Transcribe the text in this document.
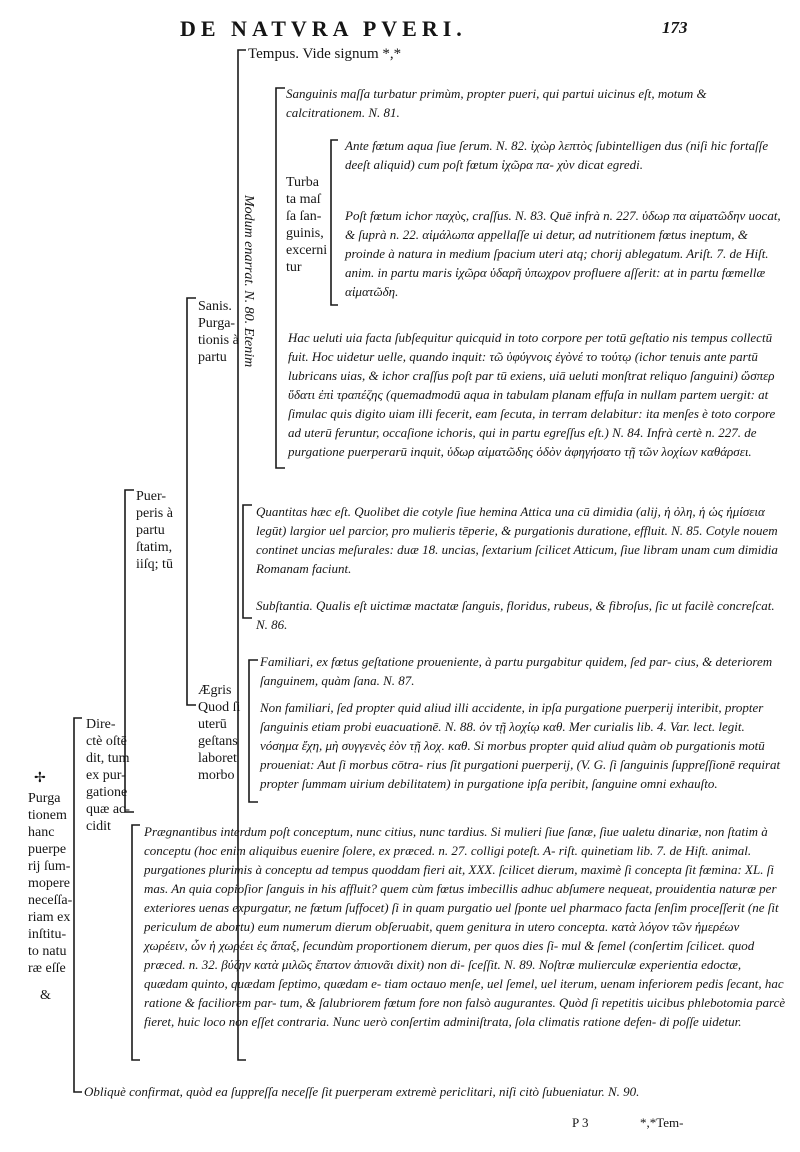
DE NATVRA PVERI.	173
Tempus. Vide signum *,*
Sanguinis maſſa turbatur primùm, propter pueri, qui partui uicinus eſt, motum & calcitrationem. N. 81.
Turba ta maſ ſa ſan- guinis, excerni tur
Ante fœtum aqua ſiue ſerum. N. 82. ἰχὼρ λεπτὸς ſubintelligen dus (niſi hic fortaſſe deeſt aliquid) cum poſt fœtum ἰχῶρα πα- χὺν dicat egredi.
Poſt fœtum ichor παχὺς, craſſus. N. 83. Quē infrà n. 227. ὑδωρ πα αἱματῶδην uocat, & ſuprà n. 22. αἱμάλωπα appellaſſe ui detur, ad nutritionem fœtus ineptum, & proinde à natura in medium ſpacium uteri atq; chorij ablegatum. Ariſt. 7. de Hiſt. anim. in partu maris ἰχῶρα ὑδαρῆ ὑπωχρον profluere aſſerit: at in partu fœmellæ αἱματῶδη.
Modum enarrat. N. 80. Etenim
Sanis. Purga- tionis à partu
Hac ueluti uia facta ſubſequitur quicquid in toto corpore per totū geſtatio nis tempus collectū fuit. Hoc uidetur uelle, quando inquit: τῶ ὑφύγνοις ἐγὸνέ το τούτῳ (ichor tenuis ante partū lubricans uias, & ichor craſſus poſt par tū exiens, uiā ueluti monſtrat reliquo ſanguini) ὥσπερ ὕδατι ἐπὶ τραπέζης (quemadmodū aqua in tabulam planam effuſa in nullam partem uergit: at ſimulac quis digito uiam illi fecerit, eam ſecuta, in terram delabitur: ita menſes è toto corpore ad uterū feruntur, occaſione ichoris, qui in partu egreſſus eſt.) N. 84. Infrà certè n. 227. de purgatione puerperarū inquit, ὑδωρ αἱματῶδης ὁδὸν ἀφηγήσατο τῇ τῶν λοχίων καθάρσει.
Puer- peris à partu ſtatim, iiſq; tū
Quantitas hæc eſt. Quolibet die cotyle ſiue hemina Attica una cū dimidia (alij, ἡ ὀλη, ἡ ὡς ἡμίσεια legūt) largior uel parcior, pro mulieris tēperie, & purgationis duratione, effluit. N. 85. Cotyle nouem continet uncias meſurales: duæ 18. uncias, ſextarium ſcilicet Atticum, ſiue libram unam cum dimidia Romanam faciunt.
Subſtantia. Qualis eſt uictimæ mactatæ ſanguis, floridus, rubeus, & fibroſus, ſic ut facilè concreſcat. N. 86.
Ægris Quod ſi uterū geſtans laboret morbo
Familiari, ex fœtus geſtatione proueniente, à partu purgabitur quidem, ſed par- cius, & deteriorem ſanguinem, quàm ſana. N. 87.
Non familiari, ſed propter quid aliud illi accidente, in ipſa purgatione puerperij interibit, propter ſanguinis etiam probi euacuationē. N. 88. ὀν τῇ λοχίῳ καθ. Mer curialis lib. 4. Var. lect. legit. νόσημα ἔχη, μὴ συγγενὲς ἐὸν τῇ λοχ. καθ. Si morbus propter quid aliud quàm ob purgationis motū proueniat: Aut ſi morbus cōtra- rius ſit purgationi puerperij, (V. G. ſi ſanguinis ſuppreſſionē requirat propter ſummam uirium debilitatem) in purgatione ipſa peribit, ſanguine omni exhauſto.
Dire- ctè oſtē dit, tum ex pur- gatione quæ ac- cidit
✢
Purga tionem hanc puerpe rij ſum- mopere neceſſa- riam ex inſtitu- to natu ræ eſſe
&
Prægnantibus interdum poſt conceptum, nunc citius, nunc tardius. Si mulieri ſiue ſanæ, ſiue ualetu dinariæ, non ſtatim à conceptu (hoc enim aliquibus euenire ſolere, ex præced. n. 27. colligi poteſt. A- riſt. quinetiam lib. 7. de Hiſt. animal. purgationes plurimis à conceptu ad tempus quoddam fieri ait, XXX. ſcilicet dierum, maximè ſi concepta ſit fœmina: XL. ſi mas. An quia copioſior ſanguis in his affluit? quem cùm fœtus imbecillis adhuc abſumere nequeat, prouidentia naturæ per exteriores uenas expurgatur, ne fœtum ſuffocet) ſi in quam purgatio uel ſponte uel pharmaco facta ſenſim proceſſerit (ne ſit periculum de abortu) eum numerum dierum obſeruabit, quem genitura in utero concepta. κατὰ λόγον τῶν ἡμερέων χωρέειν, ὧν ἡ χωρέει ἐς ἅπαξ, ſecundùm proportionem dierum, per quos dies ſi- mul & ſemel (conſertim ſcilicet. quod præced. n. 32. βύζην κατὰ μιλῶς ἔπατον ἀπιονᾶι dixit) non di- ſceſſit. N. 89. Noſtræ mulierculæ experientia edoctæ, quædam quinto, quædam ſeptimo, quædam e- tiam octauo menſe, uel ſemel, uel iterum, uenam inferiorem pedis ſecant, hac ratione & faciliorem par- tum, & ſalubriorem fœtum fore non falsò augurantes. Quòd ſi repetitis uicibus phlebotomia parcè fieret, huic loco non eſſet contraria. Nunc uerò conſertim adminiſtrata, ſola climatis ratione defen- di poſſe uidetur.
Obliquè confirmat, quòd ea ſuppreſſa neceſſe ſit puerperam extremè periclitari, niſi citò ſubueniatur. N. 90.
P 3	*,*Tem-
